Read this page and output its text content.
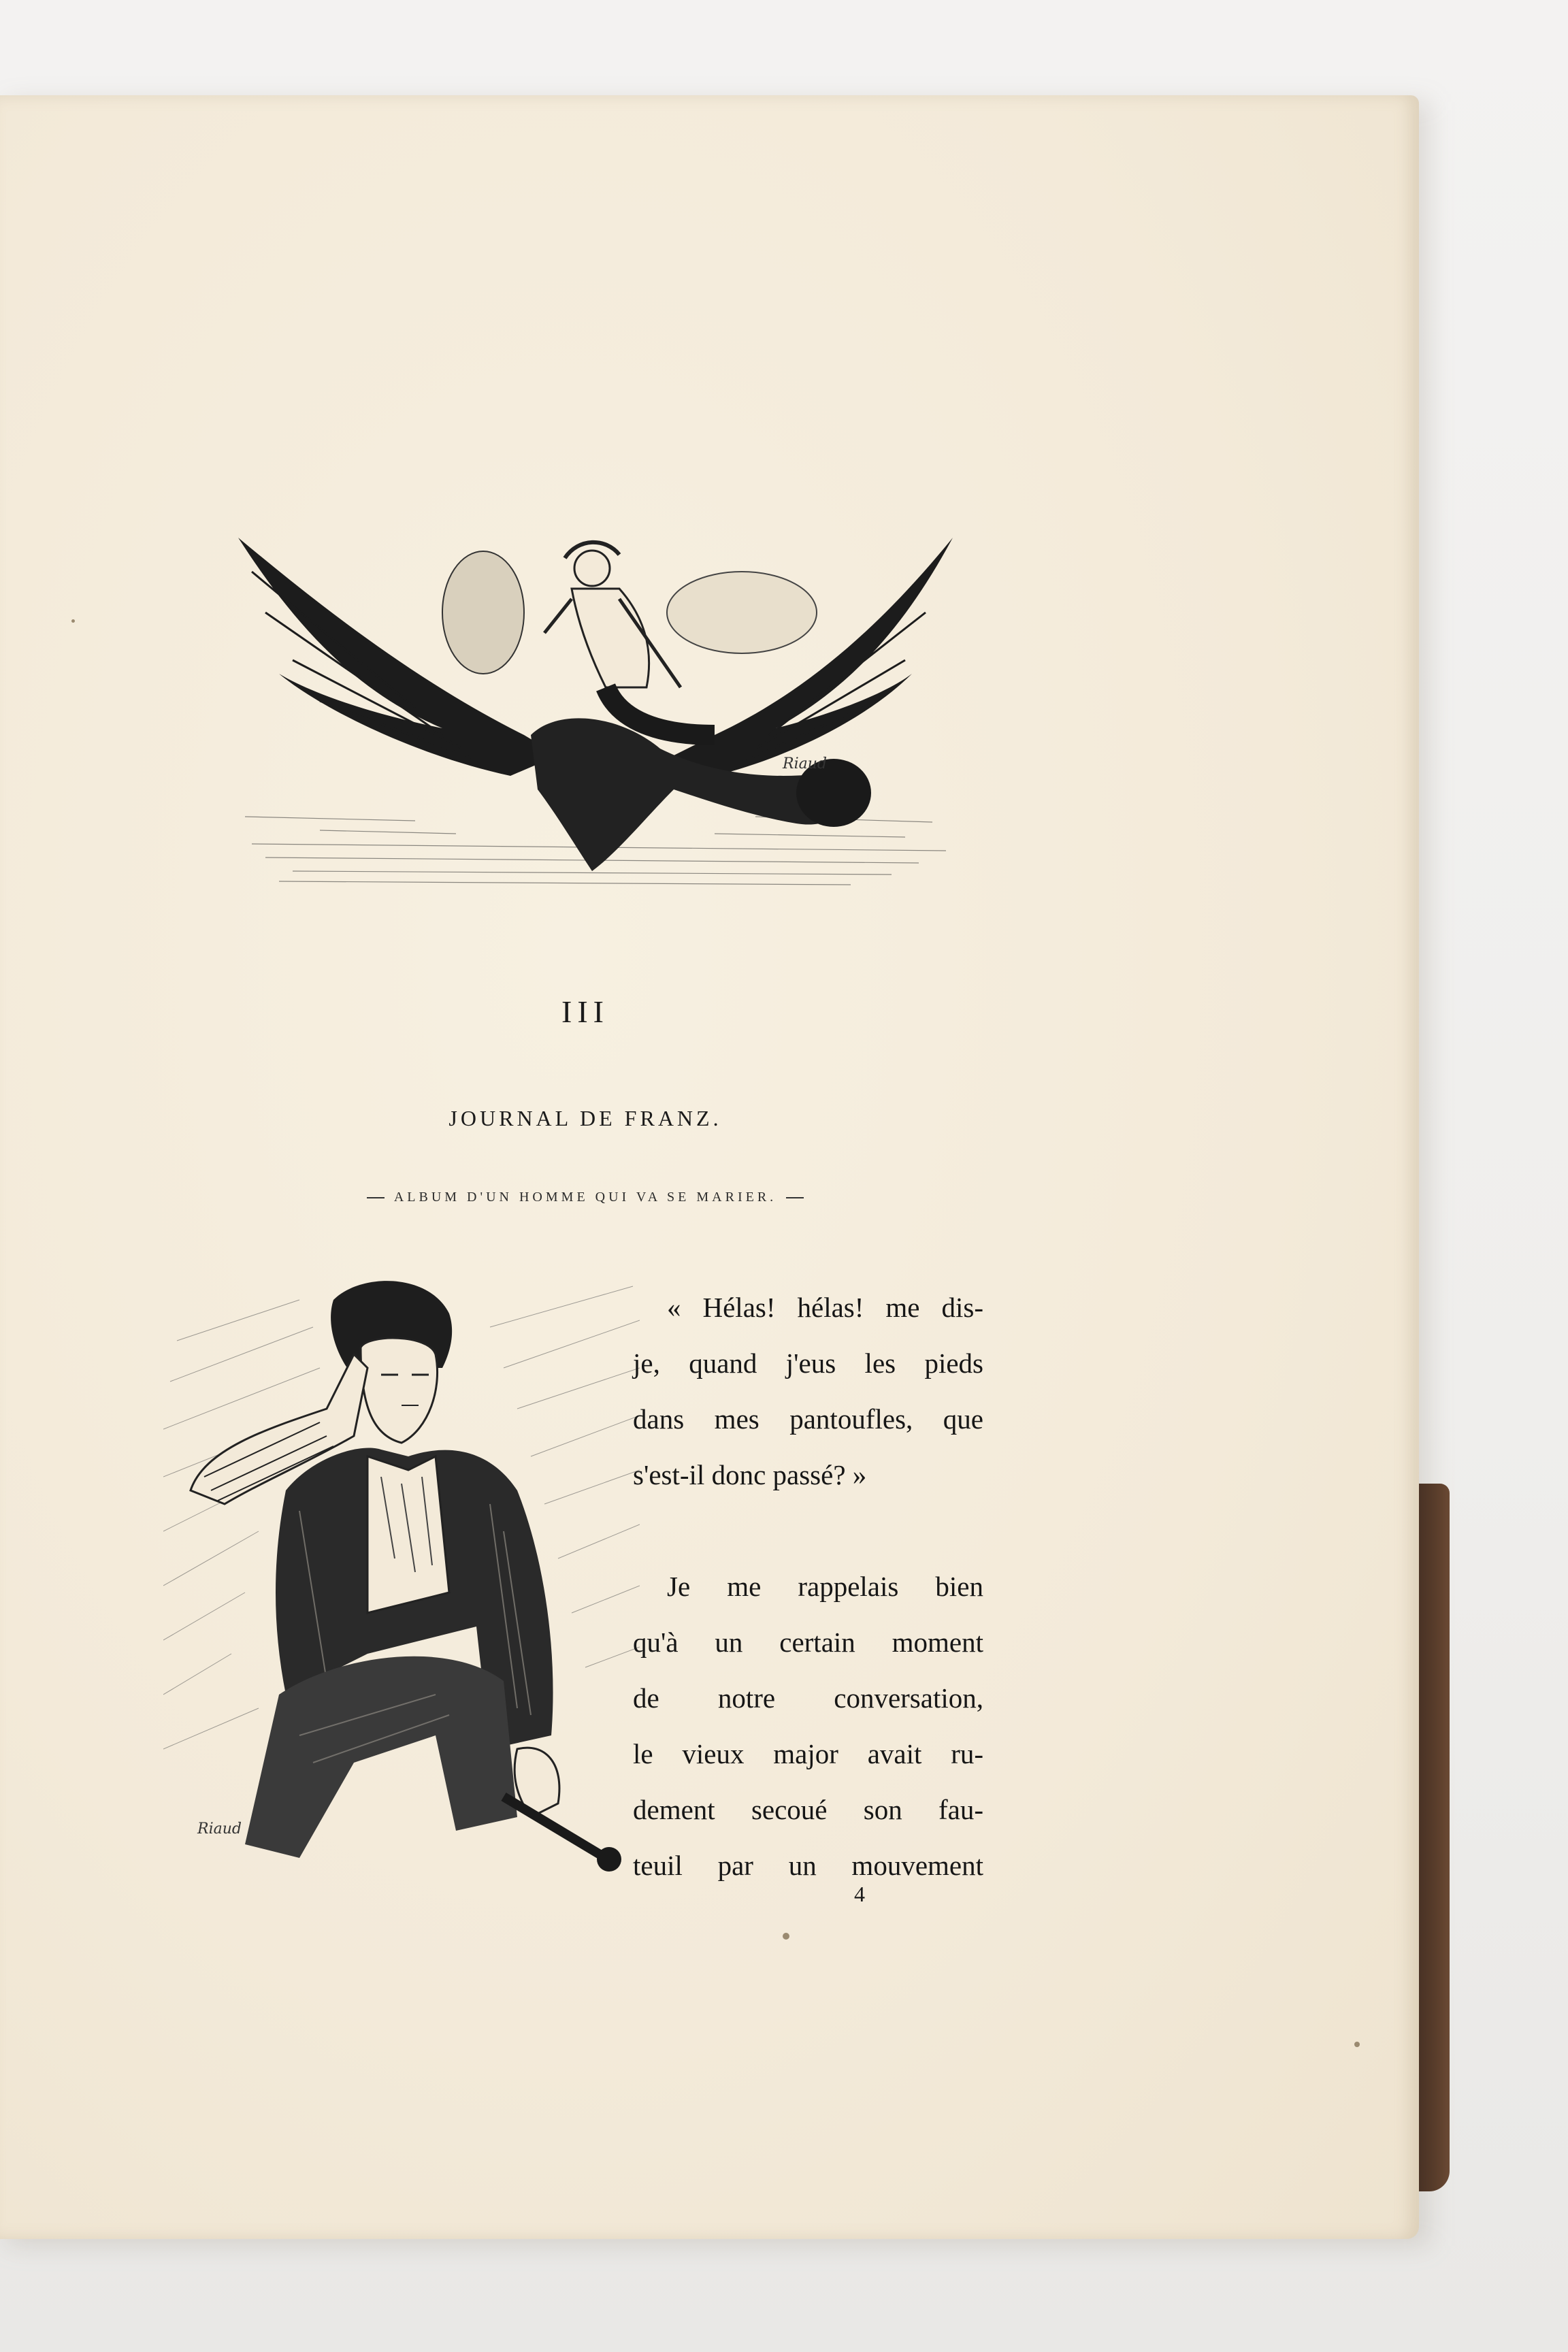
Riaud
III
JOURNAL DE FRANZ.
ALBUM D'UN HOMME QUI VA SE MARIER.
Riaud
« Hélas! hélas! me dis-
je, quand j'eus les pieds
dans mes pantoufles, que
s'est-il donc passé? »
Je me rappelais bien
qu'à un certain moment
de notre conversation,
le vieux major avait ru-
dement secoué son fau-
teuil par un mouvement
4
